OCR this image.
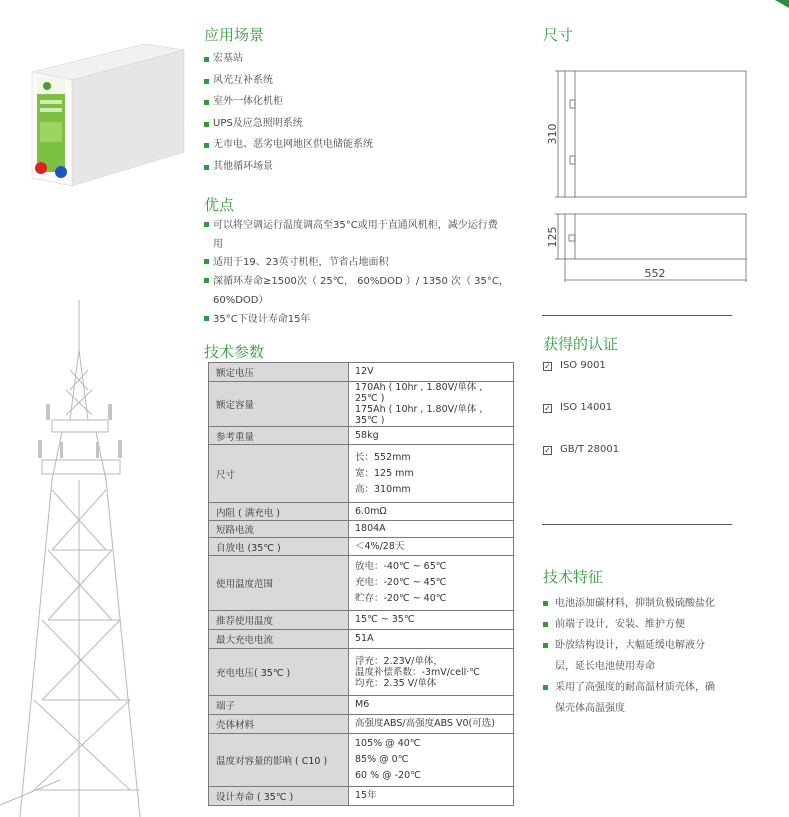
应用场景
宏基站
风光互补系统
室外一体化机柜
UPS及应急照明系统
无市电、恶劣电网地区供电储能系统
其他循环场景
优点
可以将空调运行温度调高至35°C或用于直通风机柜，减少运行费
用
适用于19、23英寸机柜，节省占地面积
深循环寿命≥1500次（ 25℃， 60%DOD ）/ 1350 次（ 35°C，
60%DOD）
35°C下设计寿命15年
技术参数
额定电压	12V

额定容量	170Ah ( 10hr , 1.80V/单体 , 25℃ )
175Ah ( 10hr , 1.80V/单体 , 35℃ )

参考重量	58kg

尺寸	长：552mm
宽：125 mm
高：310mm

内阻 ( 满充电 )	6.0mΩ

短路电流	1804A

自放电 (35℃ )	＜4%/28天

使用温度范围	放电：-40℃ ~ 65℃
充电：-20℃ ~ 45℃
贮存：-20℃ ~ 40℃

推荐使用温度	15℃ ~ 35℃

最大充电电流	51A

充电电压( 35℃ )	浮充：2.23V/单体，
温度补偿系数：-3mV/cell·℃
均充：2.35 V/单体

端子	M6

壳体材料	高强度ABS/高强度ABS V0(可选)

温度对容量的影响 ( C10 )	105% @ 40℃
85% @ 0℃
60 % @ -20℃

设计寿命 ( 35℃ )	15年
尺寸
310
125
552
获得的认证
✓ ISO 9001
✓ ISO 14001
✓ GB/T 28001
技术特征
电池添加碳材料，抑制负极硫酸盐化
前端子设计，安装、维护方便
卧放结构设计，大幅延缓电解液分
层，延长电池使用寿命
采用了高强度的耐高温材质壳体，确
保壳体高温强度
